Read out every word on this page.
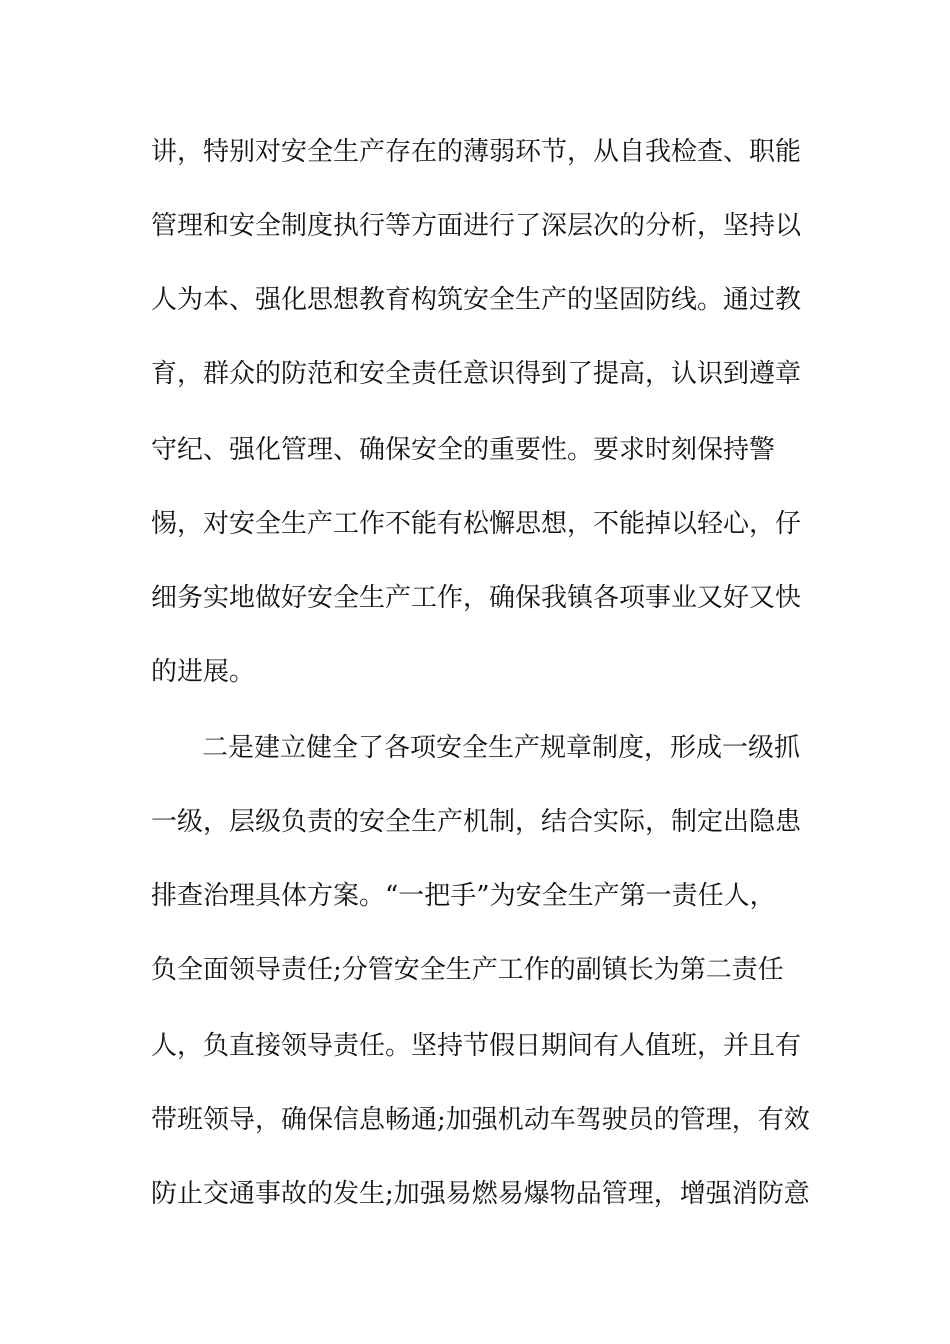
讲，特别对安全生产存在的薄弱环节，从自我检查、职能
管理和安全制度执行等方面进行了深层次的分析，坚持以
人为本、强化思想教育构筑安全生产的坚固防线。通过教
育，群众的防范和安全责任意识得到了提高，认识到遵章
守纪、强化管理、确保安全的重要性。要求时刻保持警
惕，对安全生产工作不能有松懈思想，不能掉以轻心，仔
细务实地做好安全生产工作，确保我镇各项事业又好又快
的进展。
二是建立健全了各项安全生产规章制度，形成一级抓
一级，层级负责的安全生产机制，结合实际，制定出隐患
排查治理具体方案。“一把手”为安全生产第一责任人，
负全面领导责任;分管安全生产工作的副镇长为第二责任
人，负直接领导责任。坚持节假日期间有人值班，并且有
带班领导，确保信息畅通;加强机动车驾驶员的管理，有效
防止交通事故的发生;加强易燃易爆物品管理，增强消防意
